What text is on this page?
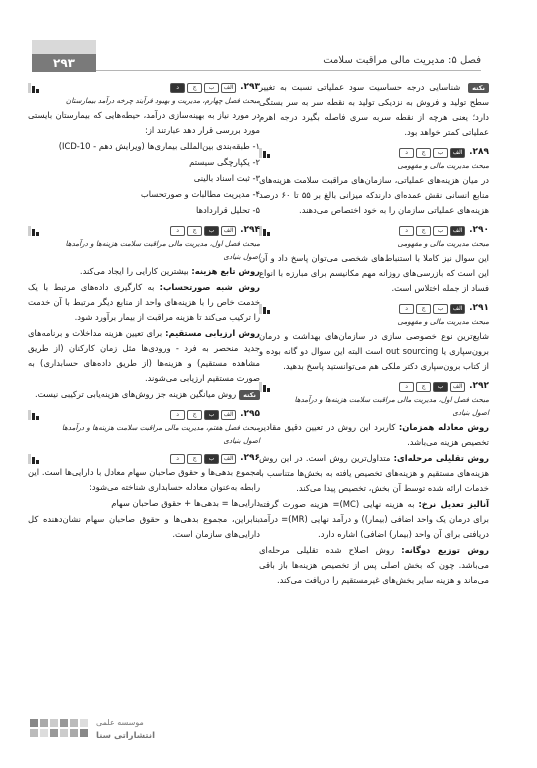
۲۹۳	فصل ۵: مدیریت مالی مراقبت سلامت
نکته شناسایی درجه حساسیت سود عملیاتی نسبت به تغییر سطح تولید و فروش به نزدیکی تولید به نقطه سر به سر بستگی دارد؛ یعنی هرچه از نقطه سربه سری فاصله بگیرد درجه اهرم عملیاتی کمتر خواهد بود.
۲۸۹.
الف
ب
ج
د
مبحث مدیریت مالی و مفهومی
در میان هزینه‌های عملیاتی، سازمان‌های مراقبت سلامت هزینه‌های منابع انسانی نقش عمده‌ای دارند‌که میزانی بالغ بر ۵۵ تا ۶۰ درصد هزینه‌های عملیاتی سازمان را به خود اختصاص می‌دهند.
۲۹۰.
الف
ب
ج
د
مبحث مدیریت مالی و مفهومی
این سوال نیز کاملا با استنباط‌های شخصی می‌توان پاسخ داد و آن این است که بازرسی‌های روزانه مهم مکانیسم برای مبارزه با انواع فساد از جمله اختلاس است.
۲۹۱.
الف
ب
ج
د
مبحث مدیریت مالی و مفهومی
شایع‌ترین نوع خصوصی سازی در سازمان‌های بهداشت و درمان برون‌سپاری یا out sourcing است البته این سوال دو گانه بوده و از کتاب برون‌سپاری دکتر ملکی هم می‌توانستید پاسخ بدهید.
۲۹۲.
الف
ب
ج
د
مبحث فصل اول، مدیریت مالی مراقبت سلامت هزینه‌ها و درآمدها
اصول بنیادی
روش معادله همزمان: کاربرد این روش در تعیین دقیق مقادیر تخصیص هزینه می‌باشد.
روش تقلیلی مرحله‌ای: متداول‌ترین روش است. در این روش هزینه‌های مستقیم و هزینه‌های تخصیص یافته به بخش‌ها متناسب با خدمات ارائه شده توسط آن بخش، تخصیص پیدا می‌کند.
آنالیز تعدیل نرخ: به هزینه نهایی (MC)= هزینه صورت گرفته برای درمان یک واحد اضافی (بیمار)) و درآمد نهایی (MR)= درآمد دریافتی برای آن واحد (بیمار) اضافی) اشاره دارد.
روش توزیع دوگانه: روش اصلاح شده تقلیلی مرحله‌ای می‌باشد. چون که بخش اصلی پس از تخصیص هزینه‌ها باز باقی می‌ماند و هزینه‌ سایر بخش‌های غیرمستقیم را دریافت می‌کند.
۲۹۳.
الف
ب
ج
د
مبحث فصل چهارم، مدیریت و بهبود فرآیند چرخه درآمد بیمارستان
در مورد نیاز به بهینه‌سازی درآمد، حیطه‌هایی که بیمارستان بایستی مورد بررسی قرار دهد عبارتند از:
۱- طبقه‌بندی بین‌المللی بیماری‌ها (ویرایش دهم - ICD-10)
۲- یکپارچگی سیستم
۳- ثبت اسناد بالینی
۴- مدیریت مطالبات و صورتحساب
۵- تحلیل قراردادها
۲۹۴.
الف
ب
ج
د
مبحث فصل اول، مدیریت مالی مراقبت سلامت هزینه‌ها و درآمدها
اصول بنیادی
روش تابع هزینه: بیشترین کارایی را ایجاد می‌کند.
روش شبه صورتحساب: به کارگیری داده‌های مرتبط با یک خدمت خاص را با هزینه‌های واحد از منابع دیگر مرتبط با آن خدمت را ترکیب می‌کند تا هزینه مراقبت از بیمار برآورد شود.
روش ارزیابی مستقیم: برای تعیین هزینه مداخلات و برنامه‌های جدید منحصر به فرد - ورودی‌ها مثل زمان کارکنان (از طریق مشاهده مستقیم) و هزینه‌ها (از طریق داده‌های حسابداری) به صورت مستقیم ارزیابی می‌شوند.
نکتهروش میانگین هزینه جز روش‌های هزینه‌یابی ترکیبی نیست.
۲۹۵.
الف
ب
ج
د
مبحث فصل هفتم، مدیریت مالی مراقبت سلامت هزینه‌ها و درآمدها
اصول بنیادی
۲۹۶.
الف
ب
ج
د
مجموع بدهی‌ها و حقوق صاحبان سهام معادل با دارایی‌ها است. این رابطه به‌عنوان معادله حسابداری شناخته می‌شود:
دارایی‌ها = بدهی‌ها + حقوق صاحبان سهام
بنابراین، مجموع بدهی‌ها و حقوق صاحبان سهام نشان‌دهنده کل دارایی‌های سازمان است.
موسسه علمی
انتشاراتی سنا
